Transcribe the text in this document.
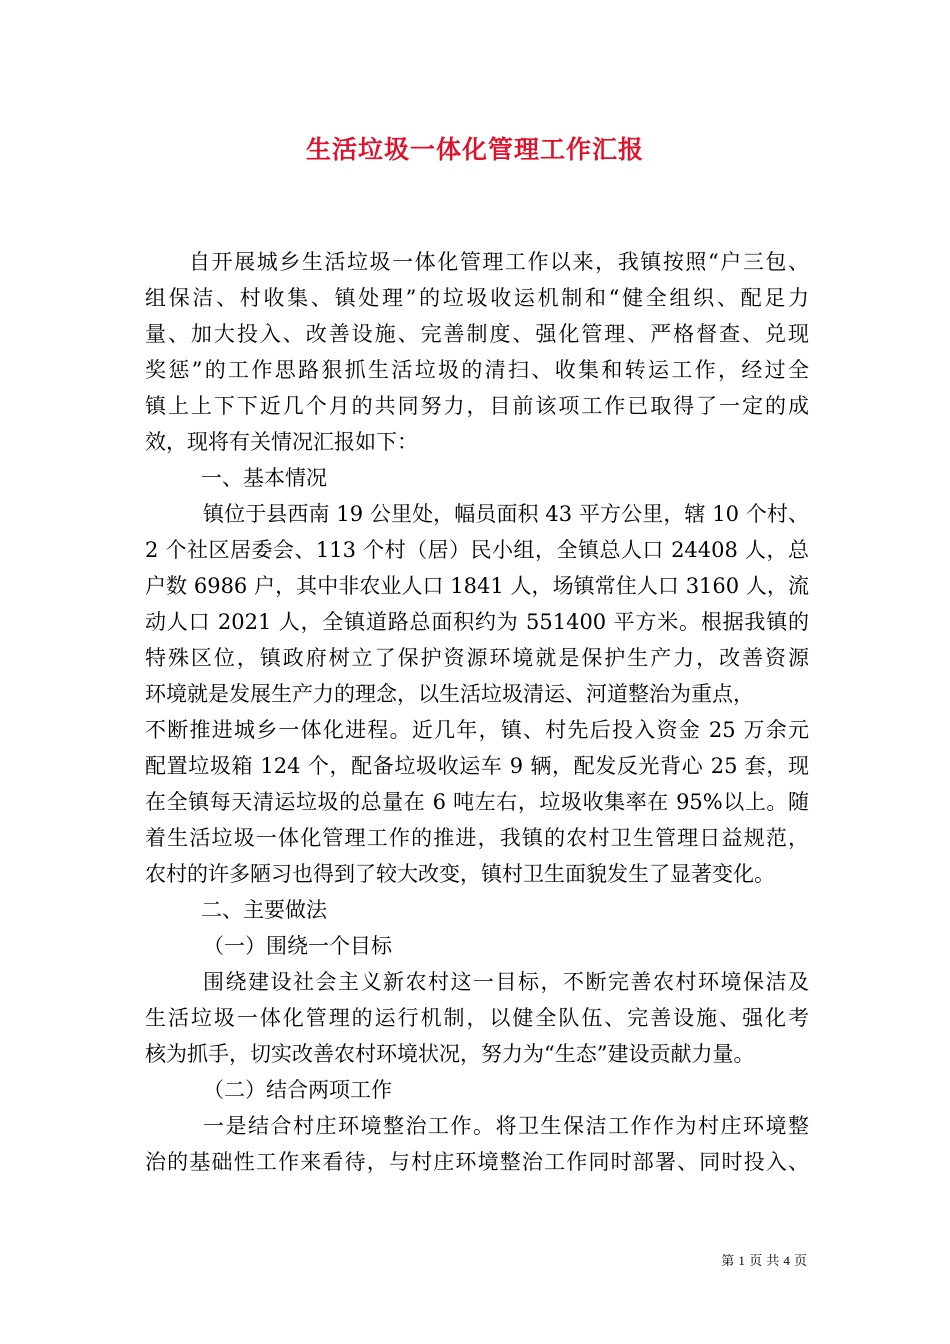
生活垃圾一体化管理工作汇报
自开展城乡生活垃圾一体化管理工作以来，我镇按照“户三包、
组保洁、村收集、镇处理”的垃圾收运机制和“健全组织、配足力
量、加大投入、改善设施、完善制度、强化管理、严格督查、兑现
奖惩”的工作思路狠抓生活垃圾的清扫、收集和转运工作，经过全
镇上上下下近几个月的共同努力，目前该项工作已取得了一定的成
效，现将有关情况汇报如下：
一、基本情况
镇位于县西南 19 公里处，幅员面积 43 平方公里，辖 10 个村、
2 个社区居委会、113 个村（居）民小组，全镇总人口 24408 人，总
户数 6986 户，其中非农业人口 1841 人，场镇常住人口 3160 人，流
动人口 2021 人，全镇道路总面积约为 551400 平方米。根据我镇的
特殊区位，镇政府树立了保护资源环境就是保护生产力，改善资源
环境就是发展生产力的理念，以生活垃圾清运、河道整治为重点，
不断推进城乡一体化进程。近几年，镇、村先后投入资金 25 万余元
配置垃圾箱 124 个，配备垃圾收运车 9 辆，配发反光背心 25 套，现
在全镇每天清运垃圾的总量在 6 吨左右，垃圾收集率在 95%以上。随
着生活垃圾一体化管理工作的推进，我镇的农村卫生管理日益规范，
农村的许多陋习也得到了较大改变，镇村卫生面貌发生了显著变化。
二、主要做法
（一）围绕一个目标
围绕建设社会主义新农村这一目标，不断完善农村环境保洁及
生活垃圾一体化管理的运行机制，以健全队伍、完善设施、强化考
核为抓手，切实改善农村环境状况，努力为“生态”建设贡献力量。
（二）结合两项工作
一是结合村庄环境整治工作。将卫生保洁工作作为村庄环境整
治的基础性工作来看待，与村庄环境整治工作同时部署、同时投入、
第 1 页 共 4 页
